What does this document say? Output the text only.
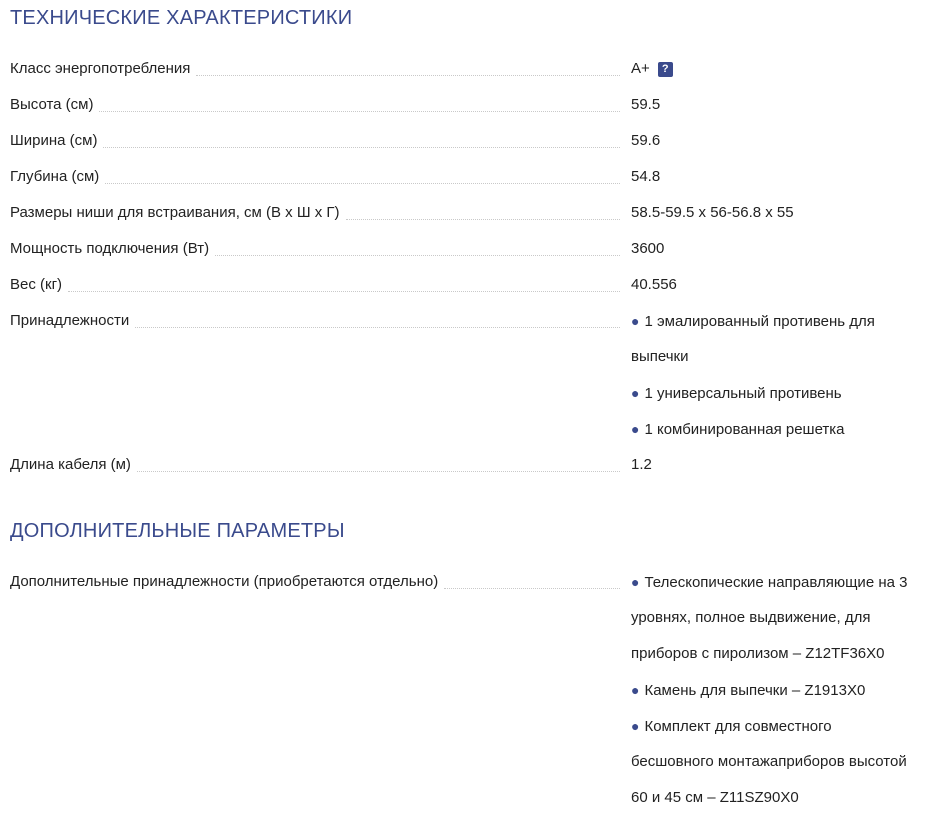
ТЕХНИЧЕСКИЕ ХАРАКТЕРИСТИКИ
Класс энергопотребления	A+ ?
Высота (см)	59.5
Ширина (см)	59.6
Глубина (см)	54.8
Размеры ниши для встраивания, см (В х Ш х Г)	58.5-59.5 х 56-56.8 х 55
Мощность подключения (Вт)	3600
Вес (кг)	40.556
Принадлежности	● 1 эмалированный противень для
выпечки
● 1 универсальный противень
● 1 комбинированная решетка
Длина кабеля (м)	1.2
ДОПОЛНИТЕЛЬНЫЕ ПАРАМЕТРЫ
Дополнительные принадлежности (приобретаются отдельно)	● Телескопические направляющие на 3
уровнях, полное выдвижение, для
приборов с пиролизом – Z12TF36X0
● Камень для выпечки – Z1913X0
● Комплект для совместного
бесшовного монтажаприборов высотой
60 и 45 см – Z11SZ90X0
